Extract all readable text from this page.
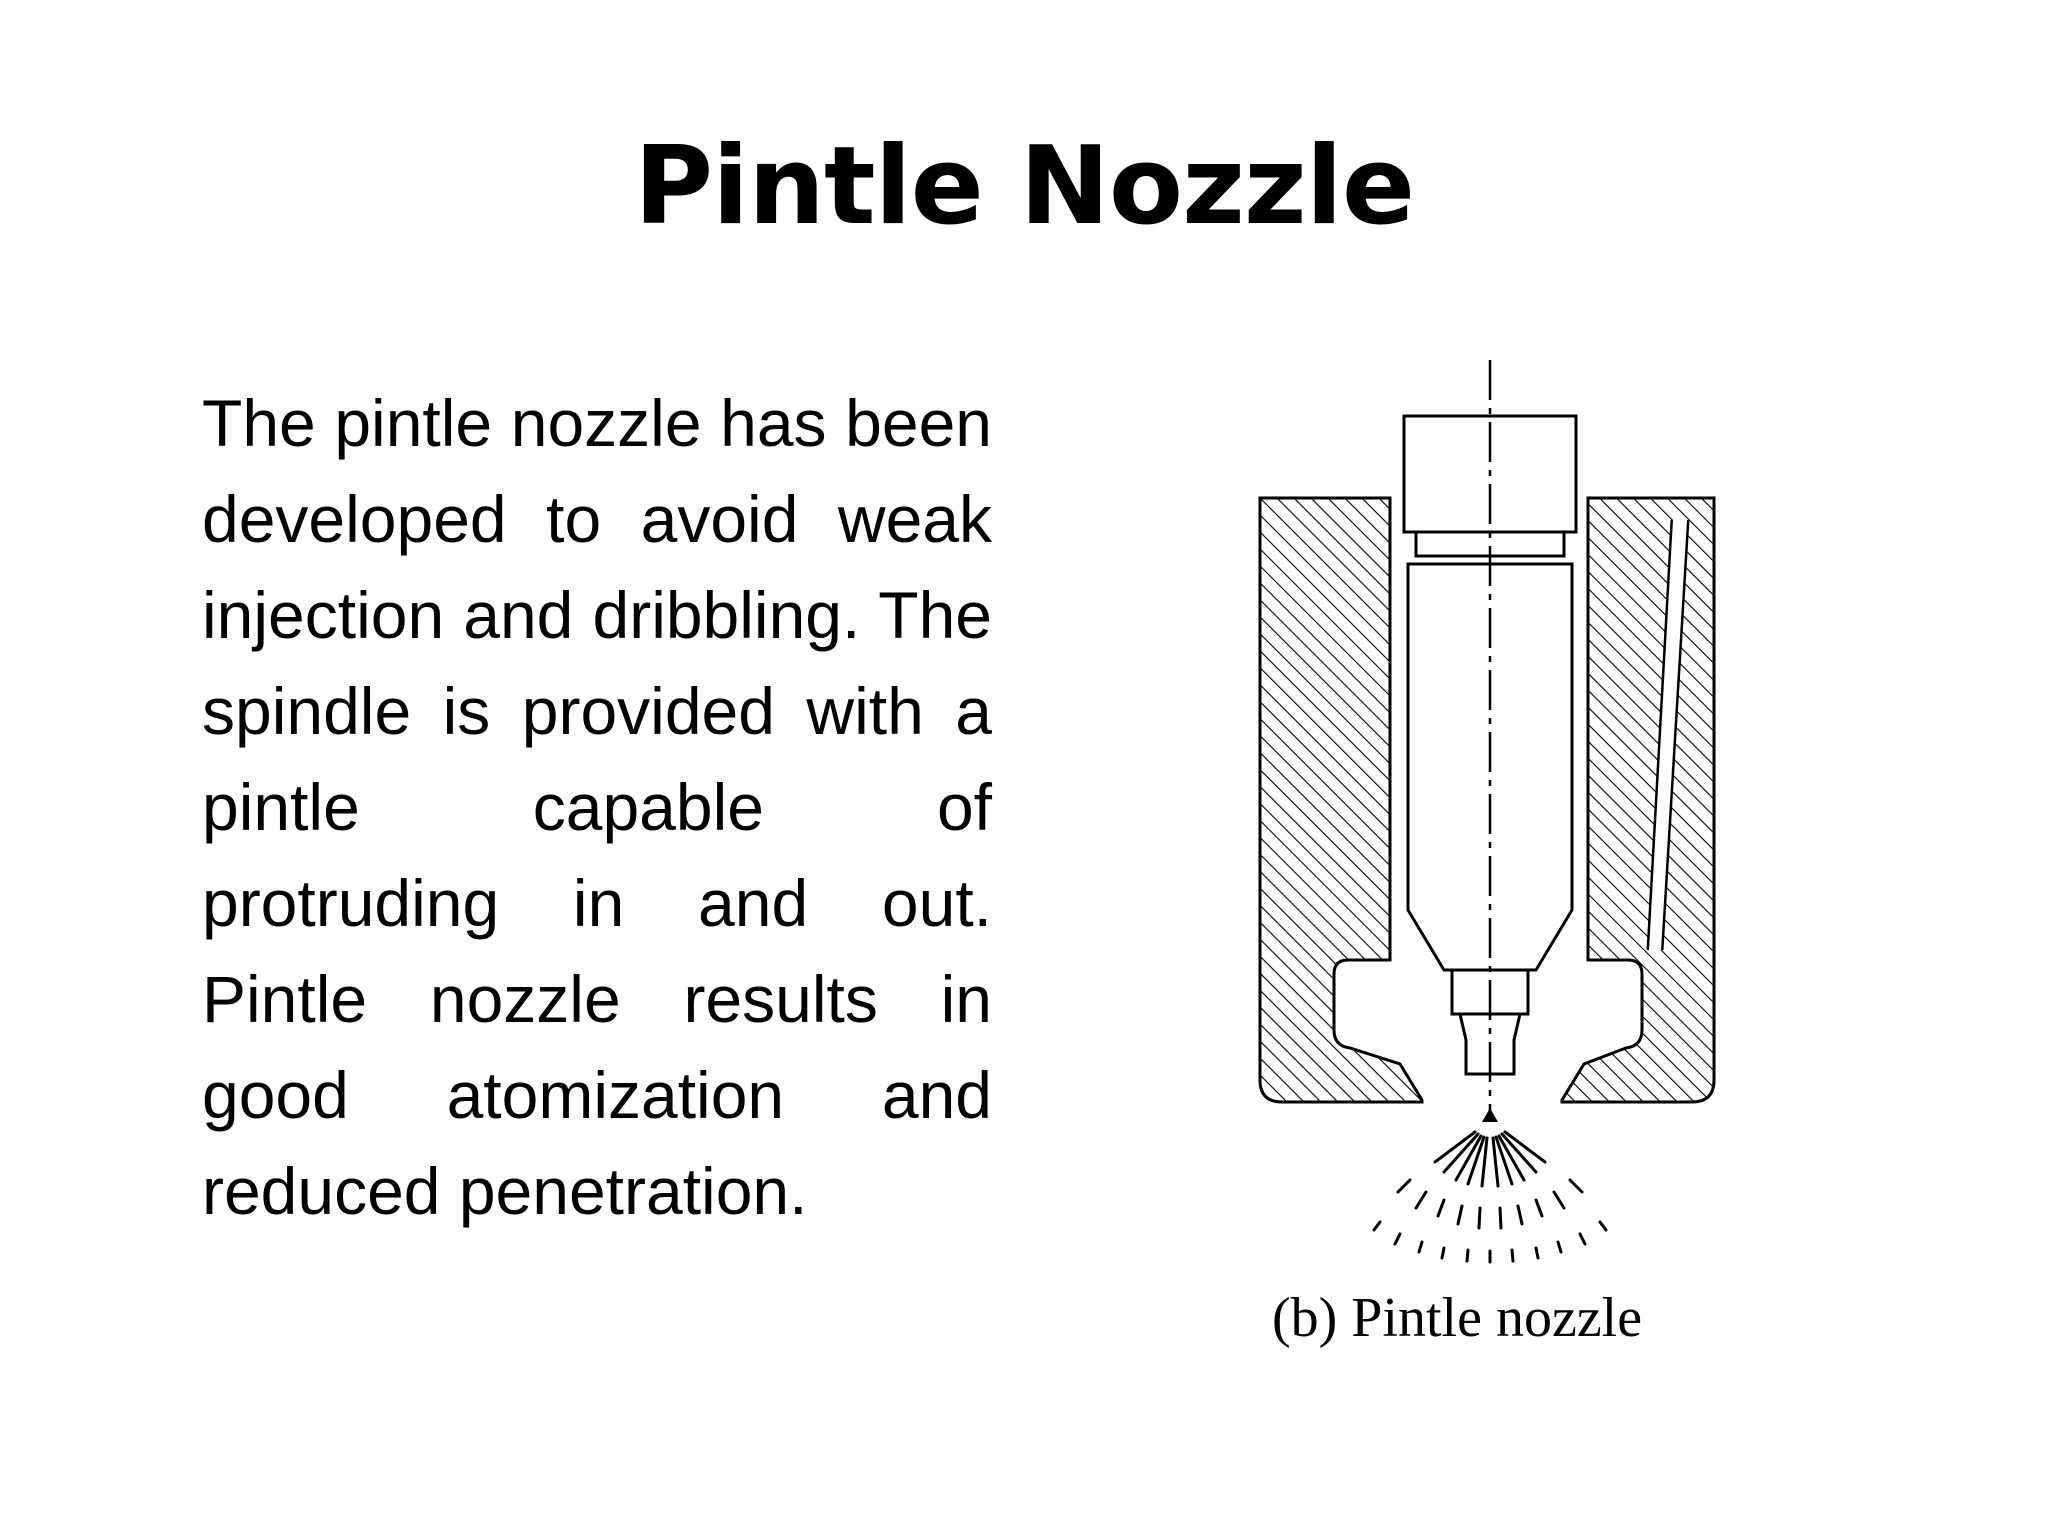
Pintle Nozzle
The pintle nozzle has been developed to avoid weak injection and dribbling. The spindle is provided with a pintle capable of protruding in and out. Pintle nozzle results in good atomization and reduced penetration.
(b) Pintle nozzle
